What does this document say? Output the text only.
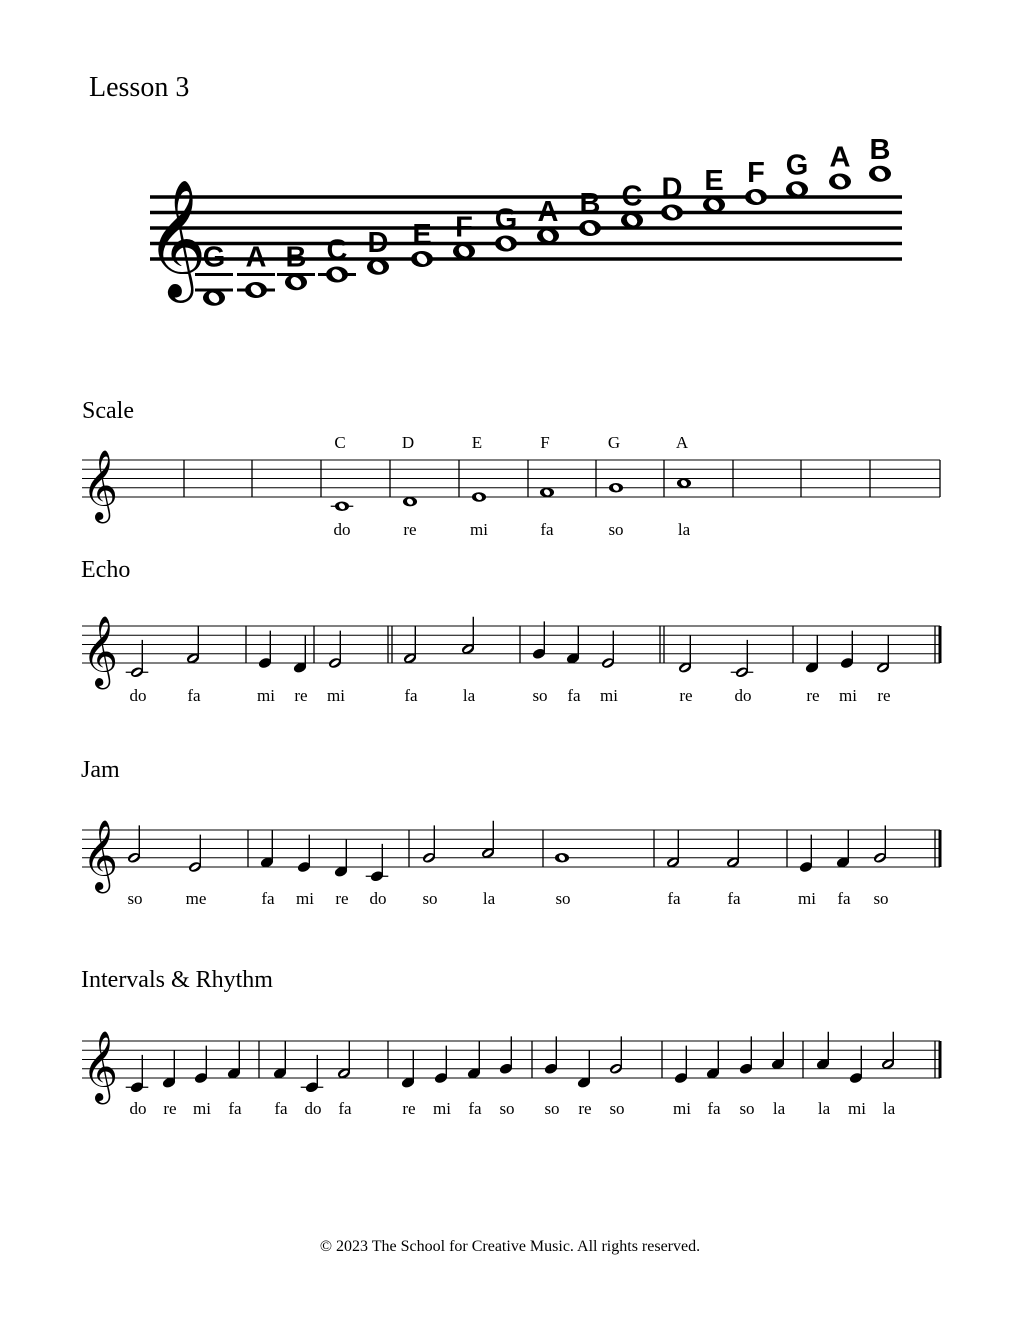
Lesson 3
Scale
Echo
Jam
Intervals & Rhythm
© 2023 The School for Creative Music. All rights reserved.
𝄞
G A B C D E F G A B C D E F G A B
𝄞
C
do
D
re
E
mi
F
fa
G
so
A
la
𝄞
do fa	mi re mi	fa	la	so fa mi	re do	re mi re
𝄞
so	me	fa mi re do so	la	so	fa	fa	mi fa so
𝄞
do re mi fa fa do fa	re mi fa so so re so	mi fa so la la mi la
